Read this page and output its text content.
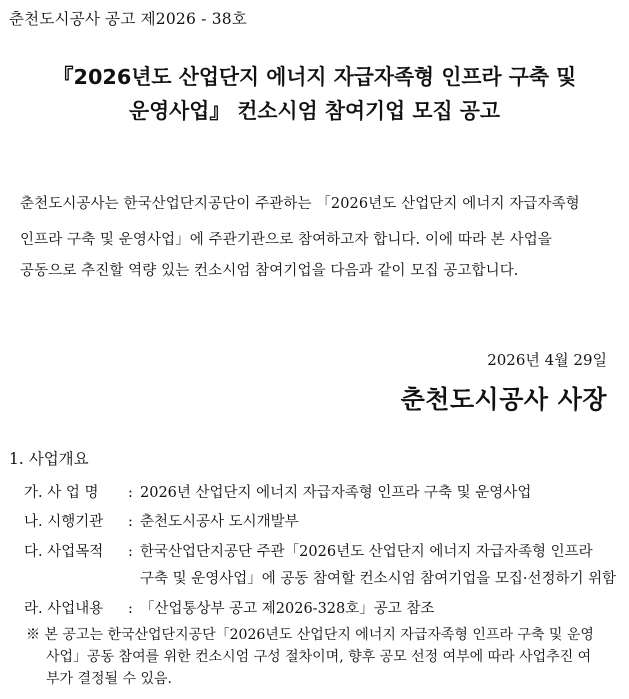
춘천도시공사 공고 제2026 - 38호
『2026년도 산업단지 에너지 자급자족형 인프라 구축 및
운영사업』 컨소시엄 참여기업 모집 공고
춘천도시공사는 한국산업단지공단이 주관하는 「2026년도 산업단지 에너지 자급자족형
인프라 구축 및 운영사업」에 주관기관으로 참여하고자 합니다. 이에 따라 본 사업을
공동으로 추진할 역량 있는 컨소시엄 참여기업을 다음과 같이 모집 공고합니다.
2026년 4월 29일
춘천도시공사 사장
1. 사업개요
가. 사 업 명 : 2026년 산업단지 에너지 자급자족형 인프라 구축 및 운영사업
나. 시행기관 : 춘천도시공사 도시개발부
다. 사업목적 : 한국산업단지공단 주관「2026년도 산업단지 에너지 자급자족형 인프라
구축 및 운영사업」에 공동 참여할 컨소시엄 참여기업을 모집·선정하기 위함
라. 사업내용 : 「산업통상부 공고 제2026-328호」공고 참조
※ 본 공고는 한국산업단지공단「2026년도 산업단지 에너지 자급자족형 인프라 구축 및 운영
사업」공동 참여를 위한 컨소시엄 구성 절차이며, 향후 공모 선정 여부에 따라 사업추진 여
부가 결정될 수 있음.
